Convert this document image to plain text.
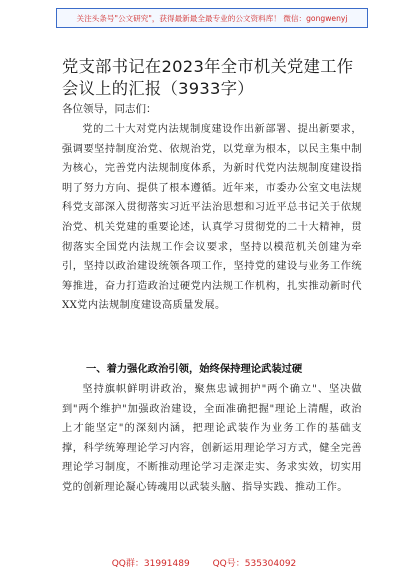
关注头条号"公文研究"，获得最新最全最专业的公文资料库！ 微信：gongwenyj
党支部书记在2023年全市机关党建工作会议上的汇报（3933字）
各位领导，同志们：

党的二十大对党内法规制度建设作出新部署、提出新要求，强调要坚持制度治党、依规治党，以党章为根本，以民主集中制为核心，完善党内法规制度体系，为新时代党内法规制度建设指明了努力方向、提供了根本遵循。近年来，市委办公室文电法规科党支部深入贯彻落实习近平法治思想和习近平总书记关于依规治党、机关党建的重要论述，认真学习贯彻党的二十大精神，贯彻落实全国党内法规工作会议要求，坚持以模范机关创建为牵引，坚持以政治建设统领各项工作，坚持党的建设与业务工作统筹推进，奋力打造政治过硬党内法规工作机构，扎实推动新时代XX党内法规制度建设高质量发展。

一、着力强化政治引领，始终保持理论武装过硬

坚持旗帜鲜明讲政治，聚焦忠诚拥护"两个确立"、坚决做到"两个维护"加强政治建设，全面准确把握"理论上清醒，政治上才能坚定"的深刻内涵，把理论武装作为业务工作的基础支撑，科学统筹理论学习内容，创新运用理论学习方式，健全完善理论学习制度，不断推动理论学习走深走实、务求实效，切实用党的创新理论凝心铸魂用以武装头脑、指导实践、推动工作。

QQ群：31991489	QQ号：535304092
